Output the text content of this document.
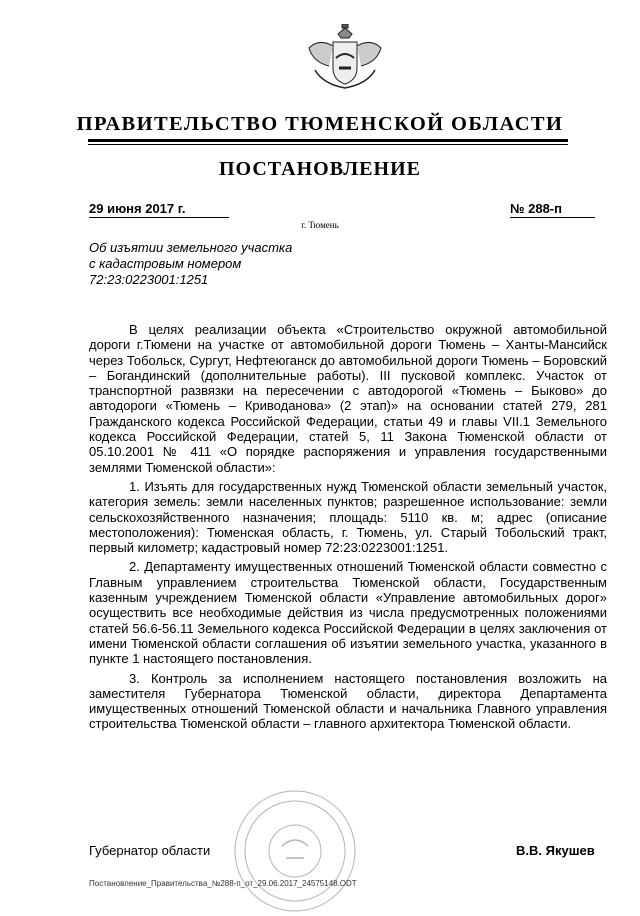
ПРАВИТЕЛЬСТВО ТЮМЕНСКОЙ ОБЛАСТИ
ПОСТАНОВЛЕНИЕ
29 июня 2017 г.	№ 288-п
г. Тюмень
Об изъятии земельного участка
с кадастровым номером
72:23:0223001:1251

В целях реализации объекта «Строительство окружной автомобильной дороги г.Тюмени на участке от автомобильной дороги Тюмень – Ханты-Мансийск через Тобольск, Сургут, Нефтеюганск до автомобильной дороги Тюмень – Боровский – Богандинский (дополнительные работы). III пусковой комплекс. Участок от транспортной развязки на пересечении с автодорогой «Тюмень – Быково» до автодороги «Тюмень – Криводанова» (2 этап)» на основании статей 279, 281 Гражданского кодекса Российской Федерации, статьи 49 и главы VII.1 Земельного кодекса Российской Федерации, статей 5, 11 Закона Тюменской области от 05.10.2001 № 411 «О порядке распоряжения и управления государственными землями Тюменской области»:

1. Изъять для государственных нужд Тюменской области земельный участок, категория земель: земли населенных пунктов; разрешенное использование: земли сельскохозяйственного назначения; площадь: 5110 кв. м; адрес (описание местоположения): Тюменская область, г. Тюмень, ул. Старый Тобольский тракт, первый километр; кадастровый номер 72:23:0223001:1251.

2. Департаменту имущественных отношений Тюменской области совместно с Главным управлением строительства Тюменской области, Государственным казенным учреждением Тюменской области «Управление автомобильных дорог» осуществить все необходимые действия из числа предусмотренных положениями статей 56.6-56.11 Земельного кодекса Российской Федерации в целях заключения от имени Тюменской области соглашения об изъятии земельного участка, указанного в пункте 1 настоящего постановления.

3. Контроль за исполнением настоящего постановления возложить на заместителя Губернатора Тюменской области, директора Департамента имущественных отношений Тюменской области и начальника Главного управления строительства Тюменской области – главного архитектора Тюменской области.

Губернатор области	В.В. Якушев
Постановление_Правительства_№288-п_от_29.06.2017_24575148.ODT
